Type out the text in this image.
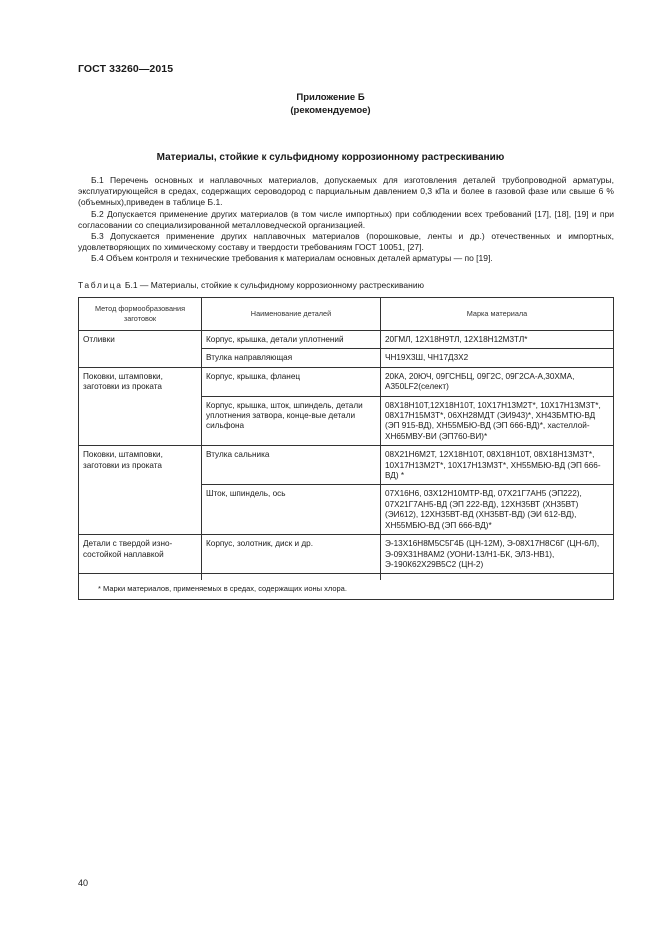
ГОСТ 33260—2015
Приложение Б
(рекомендуемое)
Материалы, стойкие к сульфидному коррозионному растрескиванию

Б.1 Перечень основных и наплавочных материалов, допускаемых для изготовления деталей трубопроводной арматуры, эксплуатирующейся в средах, содержащих сероводород с парциальным давлением 0,3 кПа и более в газовой фазе или свыше 6 % (объемных),приведен в таблице Б.1.

Б.2 Допускается применение других материалов (в том числе импортных) при соблюдении всех требований [17], [18], [19] и при согласовании со специализированной металловедческой организацией.

Б.3 Допускается применение других наплавочных материалов (порошковые, ленты и др.) отечественных и импортных, удовлетворяющих по химическому составу и твердости требованиям ГОСТ 10051, [27].

Б.4 Объем контроля и технические требования к материалам основных деталей арматуры — по [19].

Таблица Б.1 — Материалы, стойкие к сульфидному коррозионному растрескиванию
Метод формообразования заготовок	Наименование деталей	Марка материала
Отливки	Корпус, крышка, детали уплотнений	20ГМЛ, 12Х18Н9ТЛ, 12Х18Н12М3ТЛ*
	Втулка направляющая	ЧН19Х3Ш, ЧН17Д3Х2
Поковки, штамповки, заготовки из проката	Корпус, крышка, фланец	20КА, 20ЮЧ, 09ГСНБЦ, 09Г2С, 09Г2СА-А,30ХМА, A350LF2(селект)
	Корпус, крышка, шток, шпиндель, детали уплотнения затвора, конце-вые детали сильфона	08Х18Н10Т,12Х18Н10Т, 10Х17Н13М2Т*, 10Х17Н13М3Т*, 08Х17Н15М3Т*, 06ХН28МДТ (ЭИ943)*, ХН43БМТЮ-ВД (ЭП 915-ВД), ХН55МБЮ-ВД (ЭП 666-ВД)*, хастеллой-ХН65МВУ-ВИ (ЭП760-ВИ)*
Поковки, штамповки, заготовки из проката	Втулка сальника	08Х21Н6М2Т, 12Х18Н10Т, 08Х18Н10Т, 08Х18Н13М3Т*, 10Х17Н13М2Т*, 10Х17Н13М3Т*, ХН55МБЮ-ВД (ЭП 666-ВД) *
	Шток, шпиндель, ось	07Х16Н6, 03Х12Н10МТР-ВД, 07Х21Г7АН5 (ЭП222), 07Х21Г7АН5-ВД (ЭП 222-ВД), 12ХН35ВТ (ХН35ВТ) (ЭИ612), 12ХН35ВТ-ВД (ХН35ВТ-ВД) (ЭИ 612-ВД), ХН55МБЮ-ВД (ЭП 666-ВД)*
Детали с твердой изно-состойкой наплавкой	Корпус, золотник, диск и др.	Э-13Х16Н8М5С5Г4Б (ЦН-12М), Э-08Х17Н8С6Г (ЦН-6Л), Э-09Х31Н8АМ2 (УОНИ-13/Н1-БК, ЭЛЗ-НВ1), Э-190К62Х29В5С2 (ЦН-2)

* Марки материалов, применяемых в средах, содержащих ионы хлора.		
40
